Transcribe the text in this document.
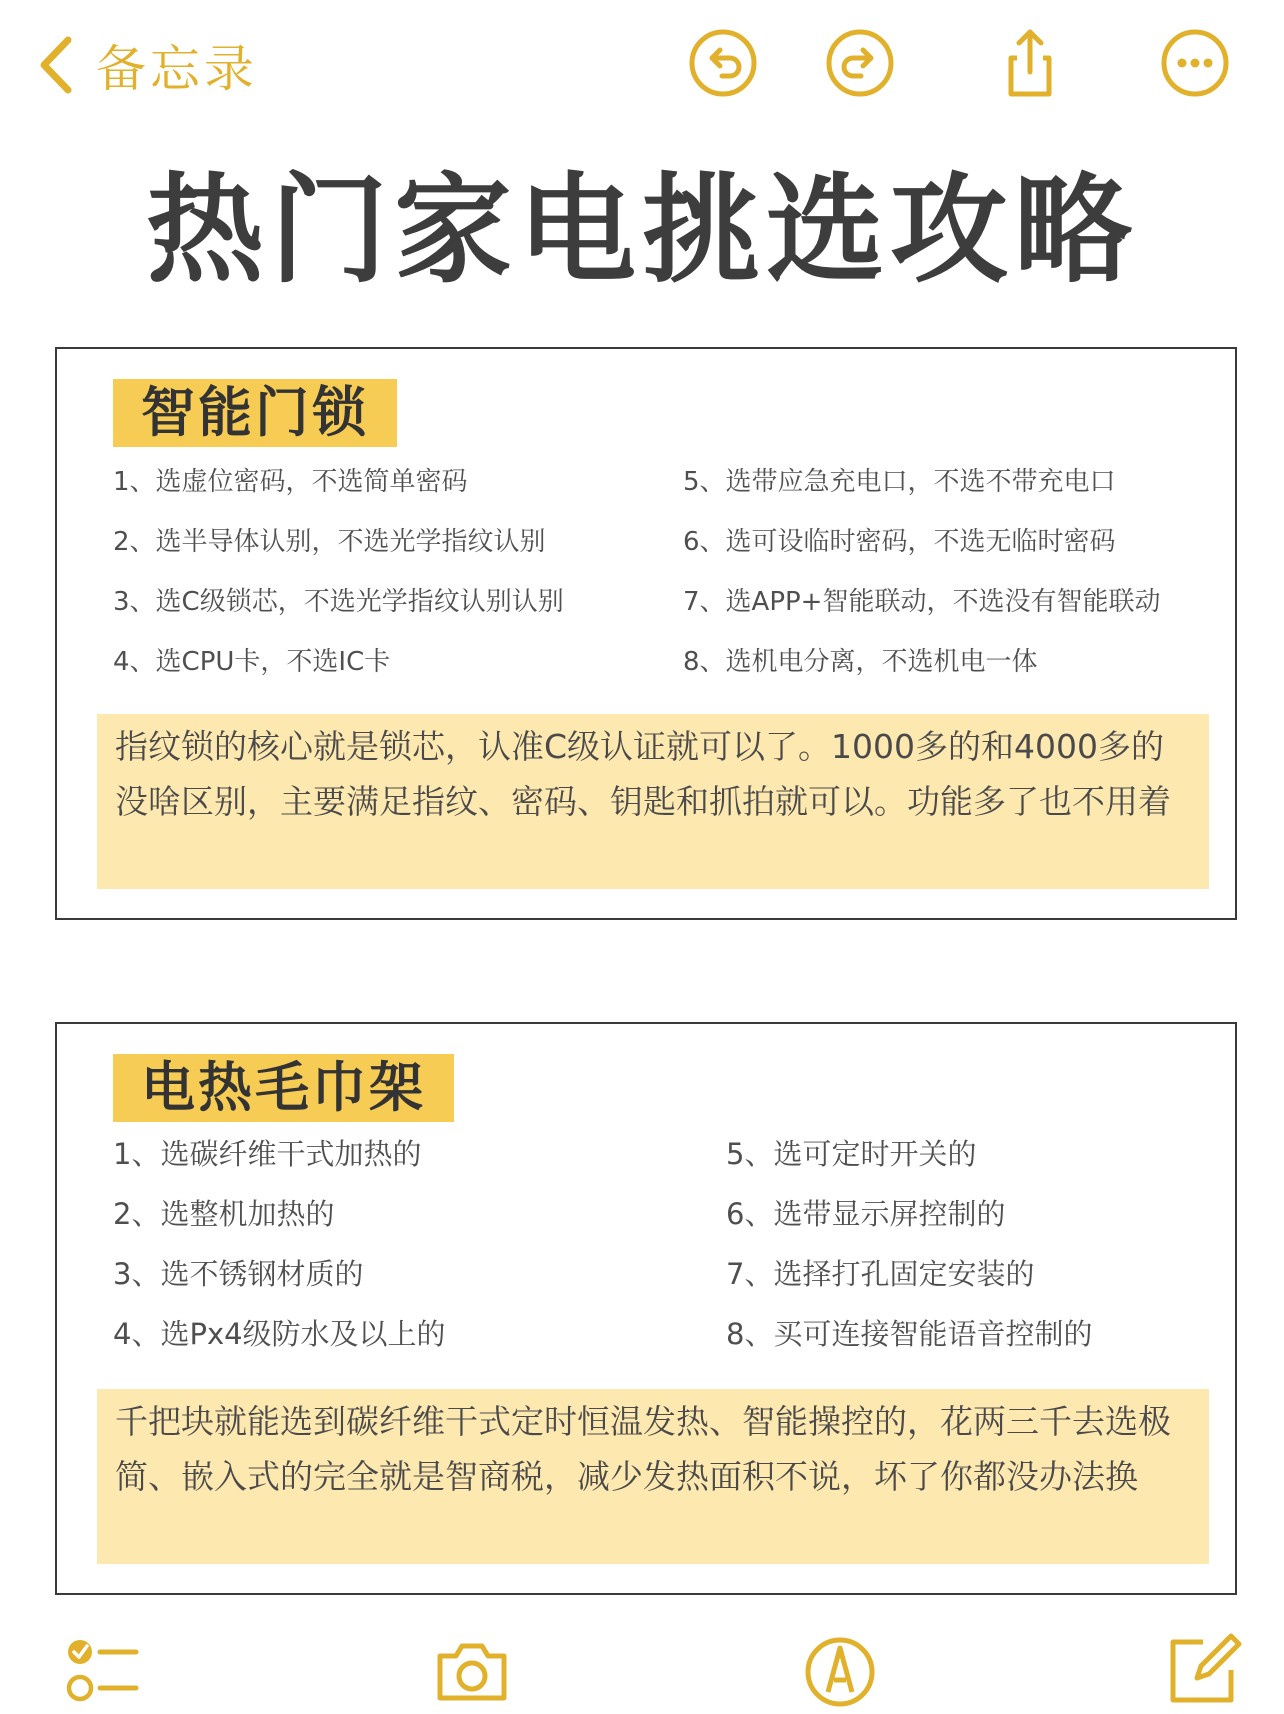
备忘录
热门家电挑选攻略
智能门锁
1、选虚位密码，不选简单密码
2、选半导体认别，不选光学指纹认别
3、选C级锁芯，不选光学指纹认别认别
4、选CPU卡，不选IC卡
5、选带应急充电口，不选不带充电口
6、选可设临时密码，不选无临时密码
7、选APP+智能联动，不选没有智能联动
8、选机电分离，不选机电一体
指纹锁的核心就是锁芯，认准C级认证就可以了。1000多的和4000多的没啥区别，主要满足指纹、密码、钥匙和抓拍就可以。功能多了也不用着
电热毛巾架
1、选碳纤维干式加热的
2、选整机加热的
3、选不锈钢材质的
4、选Px4级防水及以上的
5、选可定时开关的
6、选带显示屏控制的
7、选择打孔固定安装的
8、买可连接智能语音控制的
千把块就能选到碳纤维干式定时恒温发热、智能操控的，花两三千去选极简、嵌入式的完全就是智商税，减少发热面积不说，坏了你都没办法换
